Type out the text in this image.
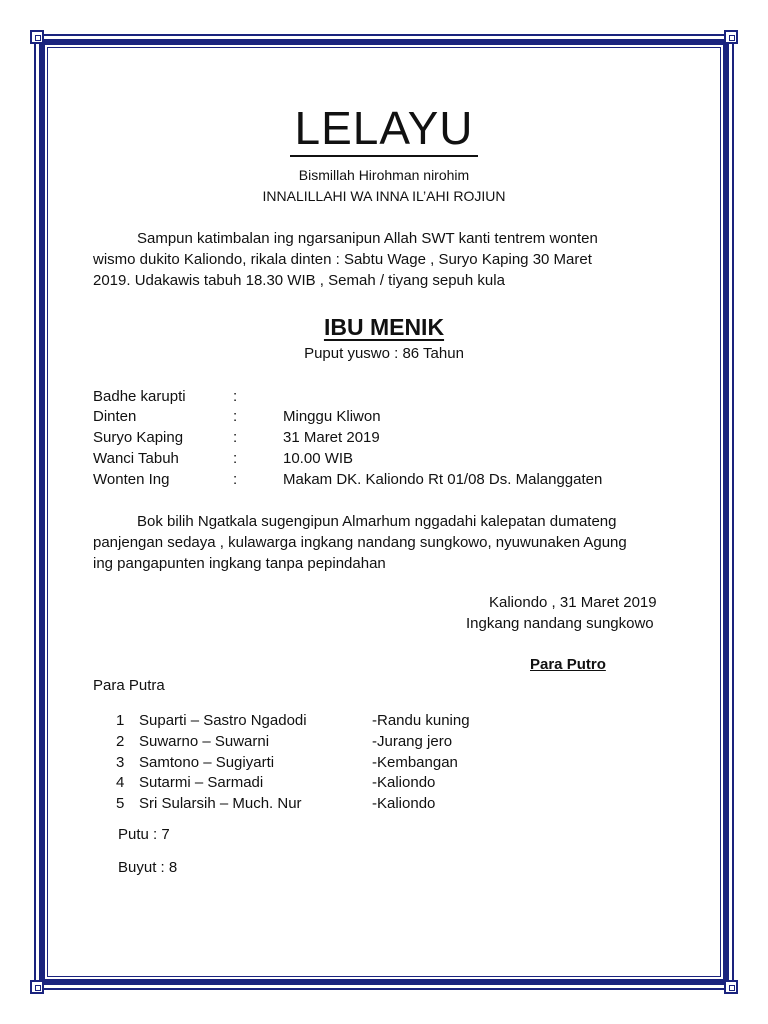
LELAYU
Bismillah Hirohman nirohim
INNALILLAHI WA INNA IL’AHI ROJIUN
Sampun katimbalan ing ngarsanipun Allah SWT kanti tentrem wonten
wismo dukito Kaliondo, rikala dinten : Sabtu Wage , Suryo Kaping 30 Maret
2019. Udakawis tabuh 18.30 WIB , Semah / tiyang sepuh kula
IBU MENIK
Puput yuswo : 86 Tahun
Badhe karupti	:
Dinten	:	Minggu Kliwon
Suryo Kaping	:	31 Maret 2019
Wanci Tabuh	:	10.00 WIB
Wonten Ing	:	Makam DK. Kaliondo Rt 01/08 Ds. Malanggaten
Bok bilih Ngatkala sugengipun Almarhum nggadahi kalepatan dumateng
panjengan sedaya , kulawarga ingkang nandang sungkowo, nyuwunaken Agung
ing pangapunten ingkang tanpa pepindahan
Kaliondo , 31 Maret 2019
Ingkang nandang sungkowo
Para Putro
Para Putra
1 Suparti – Sastro Ngadodi	-Randu kuning
2 Suwarno – Suwarni	-Jurang jero
3 Samtono – Sugiyarti	-Kembangan
4 Sutarmi – Sarmadi	-Kaliondo
5 Sri Sularsih – Much. Nur	-Kaliondo
Putu : 7
Buyut : 8
